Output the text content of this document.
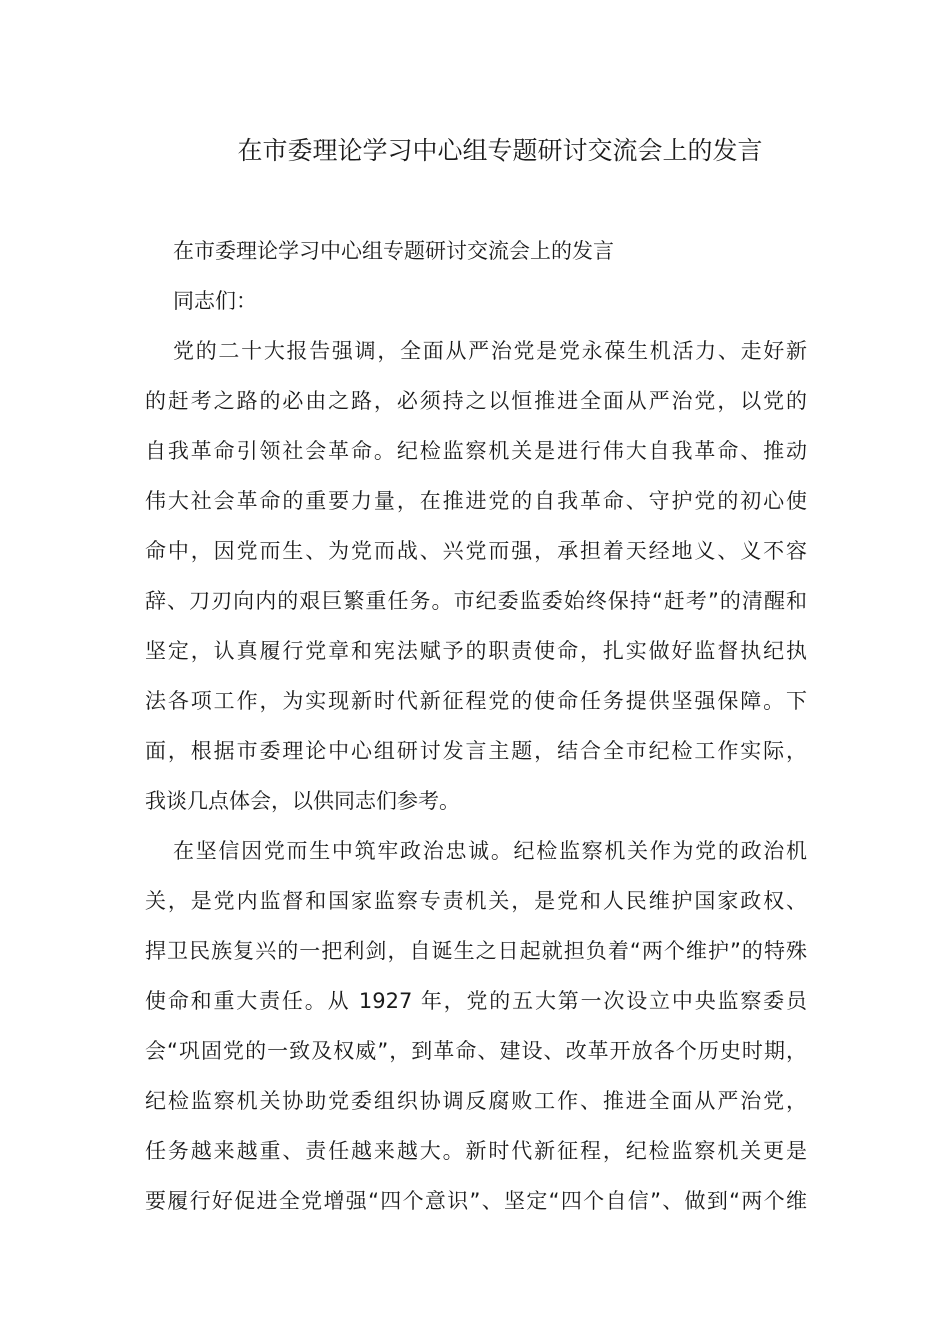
在市委理论学习中心组专题研讨交流会上的发言
在市委理论学习中心组专题研讨交流会上的发言
同志们：
党的二十大报告强调，全面从严治党是党永葆生机活力、走好新
的赶考之路的必由之路，必须持之以恒推进全面从严治党，以党的
自我革命引领社会革命。纪检监察机关是进行伟大自我革命、推动
伟大社会革命的重要力量，在推进党的自我革命、守护党的初心使
命中，因党而生、为党而战、兴党而强，承担着天经地义、义不容
辞、刀刃向内的艰巨繁重任务。市纪委监委始终保持“赶考”的清醒和
坚定，认真履行党章和宪法赋予的职责使命，扎实做好监督执纪执
法各项工作，为实现新时代新征程党的使命任务提供坚强保障。下
面，根据市委理论中心组研讨发言主题，结合全市纪检工作实际，
我谈几点体会，以供同志们参考。
在坚信因党而生中筑牢政治忠诚。纪检监察机关作为党的政治机
关，是党内监督和国家监察专责机关，是党和人民维护国家政权、
捍卫民族复兴的一把利剑，自诞生之日起就担负着“两个维护”的特殊
使命和重大责任。从 1927 年，党的五大第一次设立中央监察委员
会“巩固党的一致及权威”，到革命、建设、改革开放各个历史时期，
纪检监察机关协助党委组织协调反腐败工作、推进全面从严治党，
任务越来越重、责任越来越大。新时代新征程，纪检监察机关更是
要履行好促进全党增强“四个意识”、坚定“四个自信”、做到“两个维
